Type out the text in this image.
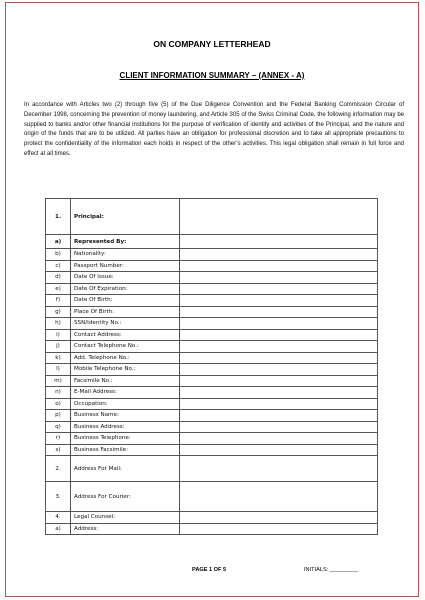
ON COMPANY LETTERHEAD
CLIENT INFORMATION SUMMARY – (ANNEX - A)
In accordance with Articles two (2) through five (5) of the Due Diligence Convention and the Federal Banking Commission Circular of December 1998, concerning the prevention of money laundering, and Article 305 of the Swiss Criminal Code, the following information may be supplied to banks and/or other financial institutions for the purpose of verification of identity and activities of the Principal, and the nature and origin of the funds that are to be utilized. All parties have an obligation for professional discretion and to take all appropriate precautions to protect the confidentiality of the information each holds in respect of the other’s activities. This legal obligation shall remain in full force and effect at all times.
PAGE 1 OF 5	INITIALS: _________
1.	Principal:	
a)	Represented By:	
b)	Nationality:	
c)	Passport Number:	
d)	Date Of Issue:	
e)	Date Of Expiration:	
f)	Date Of Birth:	
g)	Place Of Birth:	
h)	SSN/Identity No.:	
i)	Contact Address:	
j)	Contact Telephone No.:	
k)	Add. Telephone No.:	
l)	Mobile Telephone No.:	
m)	Facsimile No.:	
n)	E-Mail Address:	
o)	Occupation:	
p)	Business Name:	
q)	Business Address:	
r)	Business Telephone:	
s)	Business Facsimile:	
2.	Address For Mail:	
3.	Address For Courier:	
4.	Legal Counsel:	
a)	Address:	
